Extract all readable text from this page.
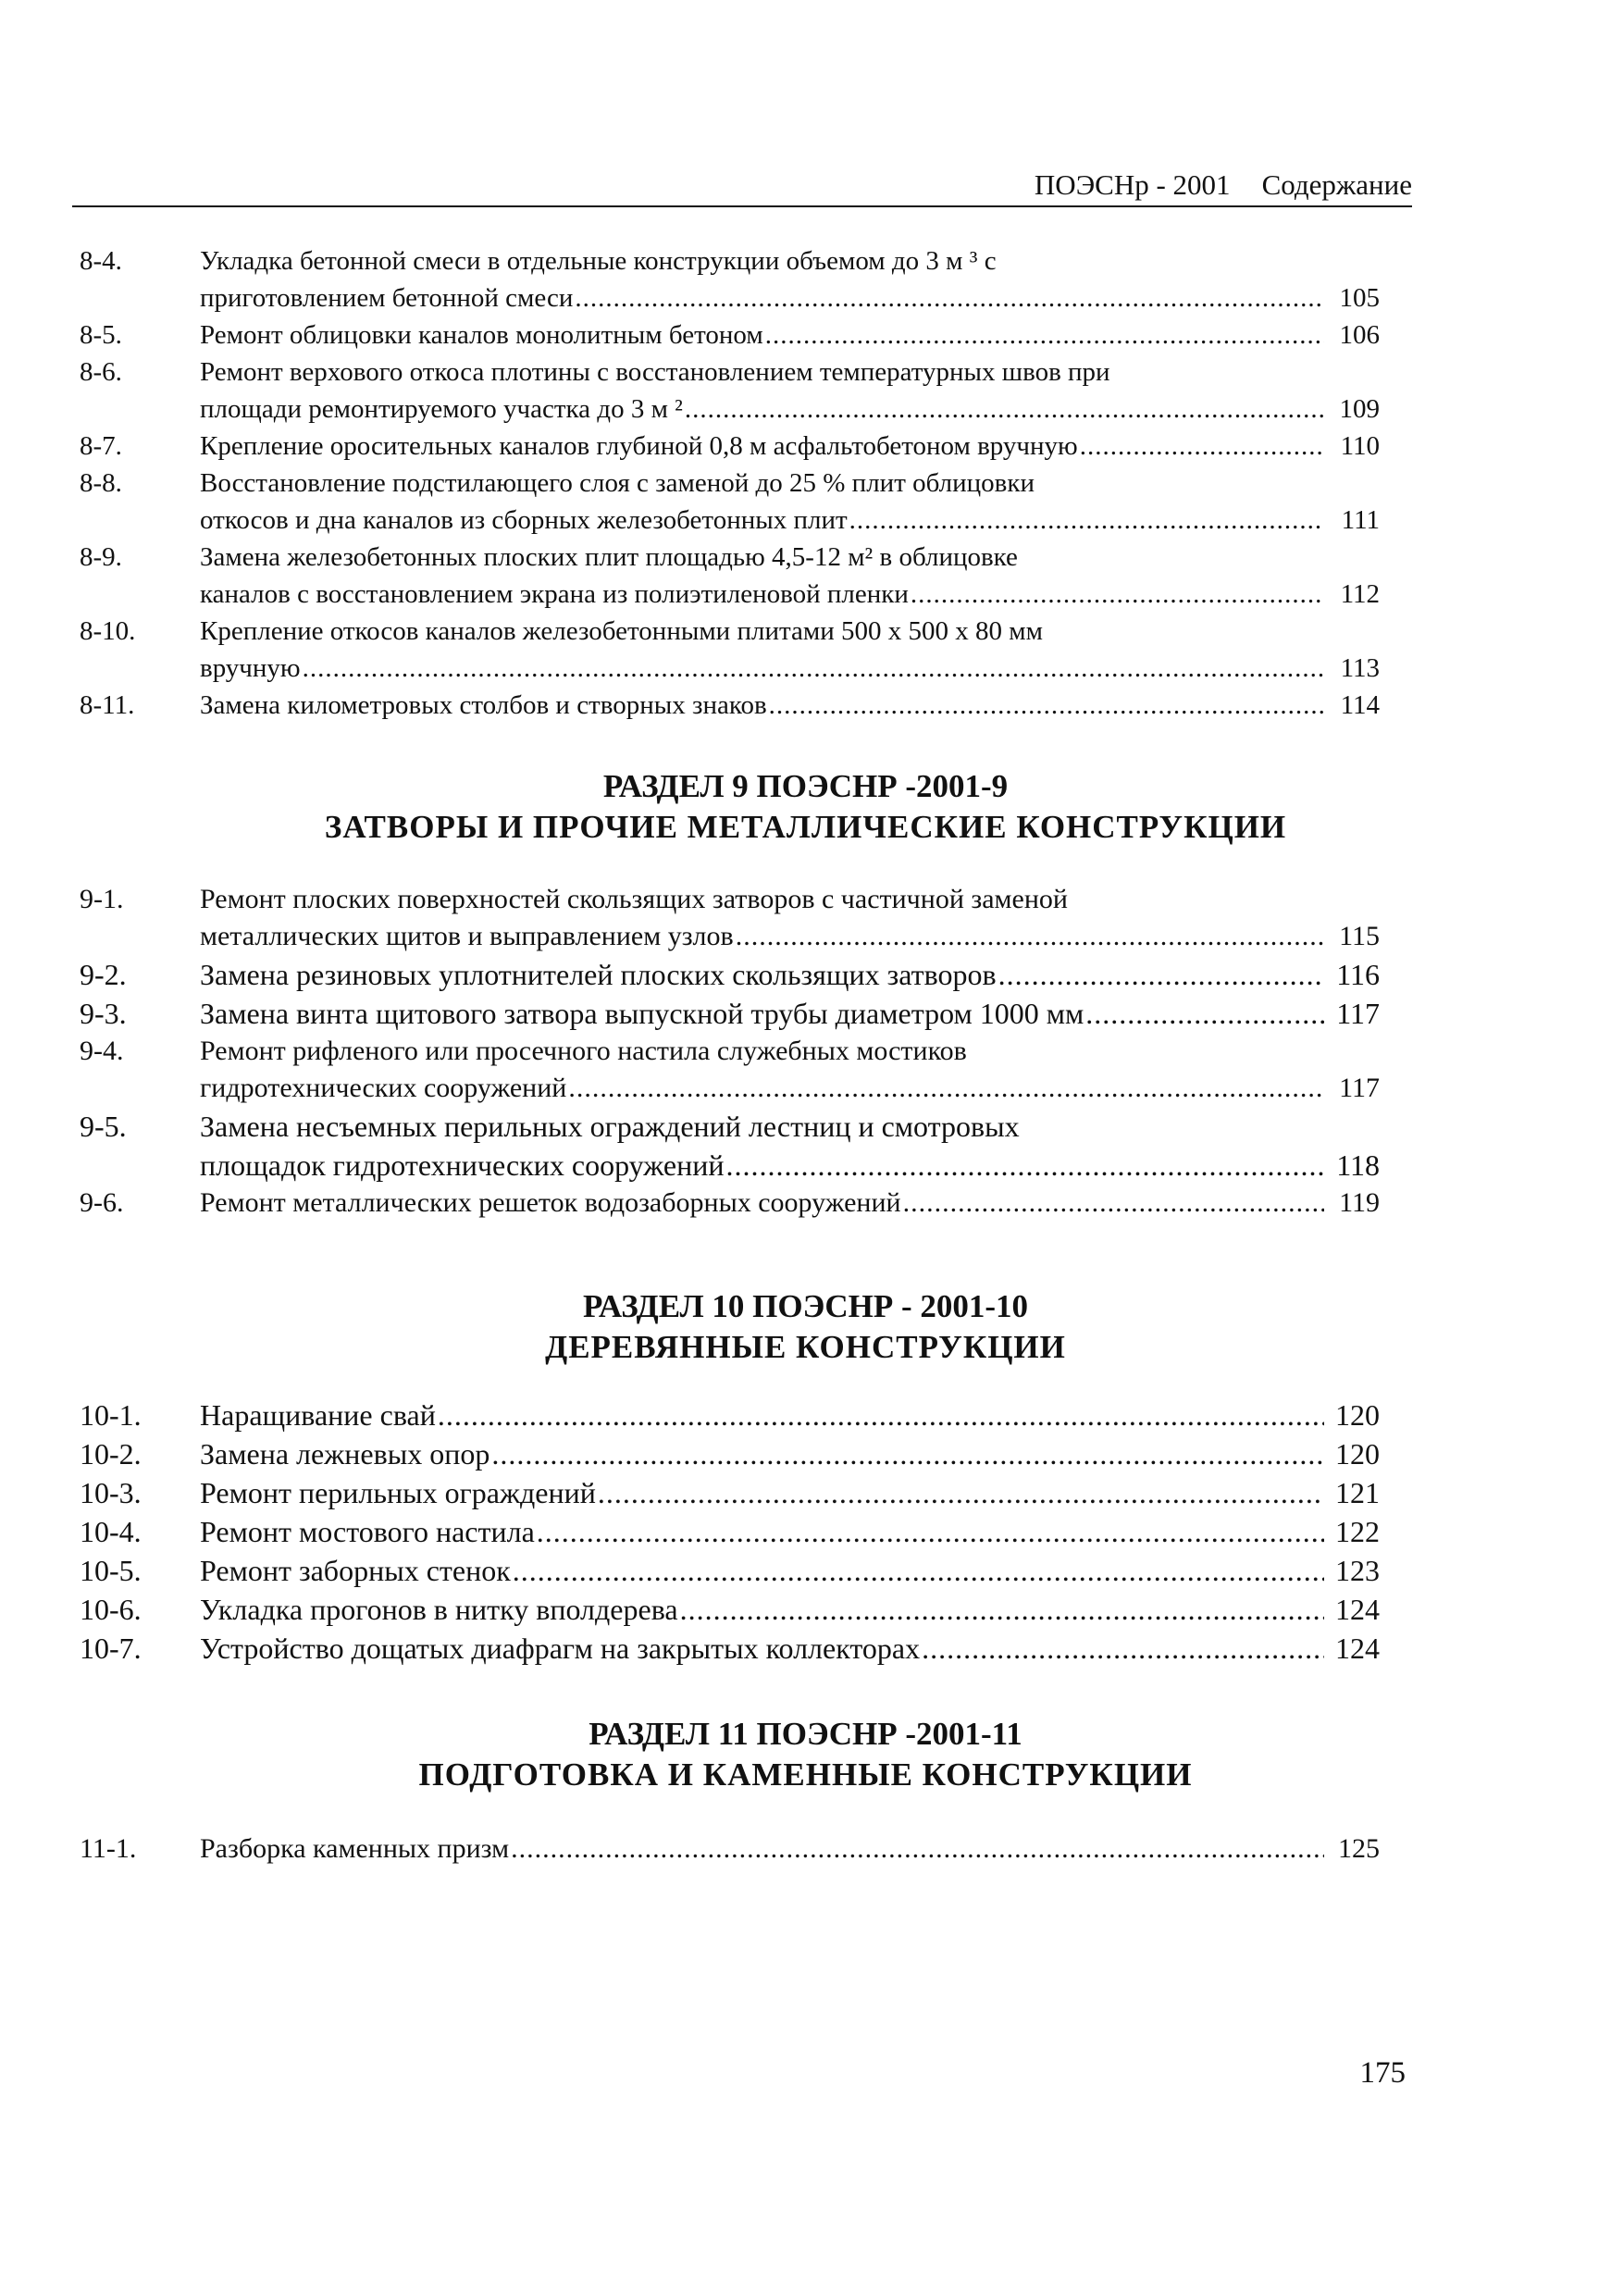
ПОЭСНр - 2001 Содержание
8-4.	Укладка бетонной смеси в отдельные конструкции объемом до 3 м ³ с
приготовлением бетонной смеси .....	105
8-5.	Ремонт облицовки каналов монолитным бетоном .....	106
8-6.	Ремонт верхового откоса плотины с восстановлением температурных швов при
площади ремонтируемого участка до 3 м ² .....	109
8-7.	Крепление оросительных каналов глубиной 0,8 м асфальтобетоном вручную .....	110
8-8.	Восстановление подстилающего слоя с заменой до 25 % плит облицовки
откосов и дна каналов из сборных железобетонных плит .....	111
8-9.	Замена железобетонных плоских плит площадью 4,5-12 м² в облицовке
каналов с восстановлением экрана из полиэтиленовой пленки .....	112
8-10. Крепление откосов каналов железобетонными плитами 500 х 500 х 80 мм
вручную .....	113
8-11. Замена километровых столбов и створных знаков .....	114
РАЗДЕЛ 9 ПОЭСНР -2001-9
ЗАТВОРЫ И ПРОЧИЕ МЕТАЛЛИЧЕСКИЕ КОНСТРУКЦИИ
9-1.	Ремонт плоских поверхностей скользящих затворов с частичной заменой
металлических щитов и выправлением узлов .....	115
9-2. Замена резиновых уплотнителей плоских скользящих затворов .....	116
9-3. Замена винта щитового затвора выпускной трубы диаметром 1000 мм .....	117
9-4.	Ремонт рифленого или просечного настила служебных мостиков
гидротехнических сооружений .....	117
9-5. Замена несъемных перильных ограждений лестниц и смотровых
площадок гидротехнических сооружений .....	118
9-6.	Ремонт металлических решеток водозаборных сооружений .....	119
РАЗДЕЛ 10 ПОЭСНР - 2001-10
ДЕРЕВЯННЫЕ КОНСТРУКЦИИ
10-1. Наращивание свай .....	120
10-2. Замена лежневых опор .....	120
10-3. Ремонт перильных ограждений .....	121
10-4. Ремонт мостового настила .....	122
10-5. Ремонт заборных стенок .....	123
10-6. Укладка прогонов в нитку вполдерева .....	124
10-7. Устройство дощатых диафрагм на закрытых коллекторах .....	124
РАЗДЕЛ 11 ПОЭСНР -2001-11
ПОДГОТОВКА И КАМЕННЫЕ КОНСТРУКЦИИ
11-1. Разборка каменных призм .....	125
175
